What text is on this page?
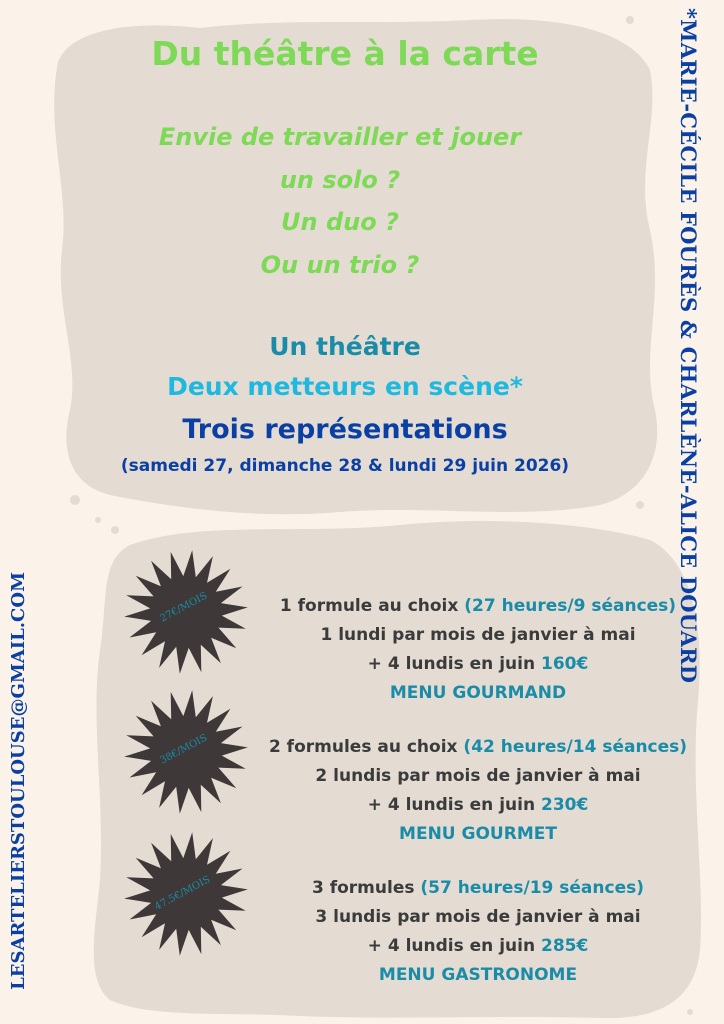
Du théâtre à la carte
Envie de travailler et jouer
un solo ?
Un duo ?
Ou un trio ?
Un théâtre
Deux metteurs en scène*
Trois représentations
(samedi 27, dimanche 28 & lundi 29 juin 2026)	*MARIE-CÉCILE FOURÈS & CHARLÈNE-ALICE DOUARD
LESARTELIERSTOULOUSE@GMAIL.COM	27€/MOIS	1 formule au choix (27 heures/9 séances)
1 lundi par mois de janvier à mai
+ 4 lundis en juin 160€
MENU GOURMAND
38€/MOIS	2 formules au choix (42 heures/14 séances)
2 lundis par mois de janvier à mai
+ 4 lundis en juin 230€
MENU GOURMET
47.5€/MOIS	3 formules (57 heures/19 séances)
3 lundis par mois de janvier à mai
+ 4 lundis en juin 285€
MENU GASTRONOME
